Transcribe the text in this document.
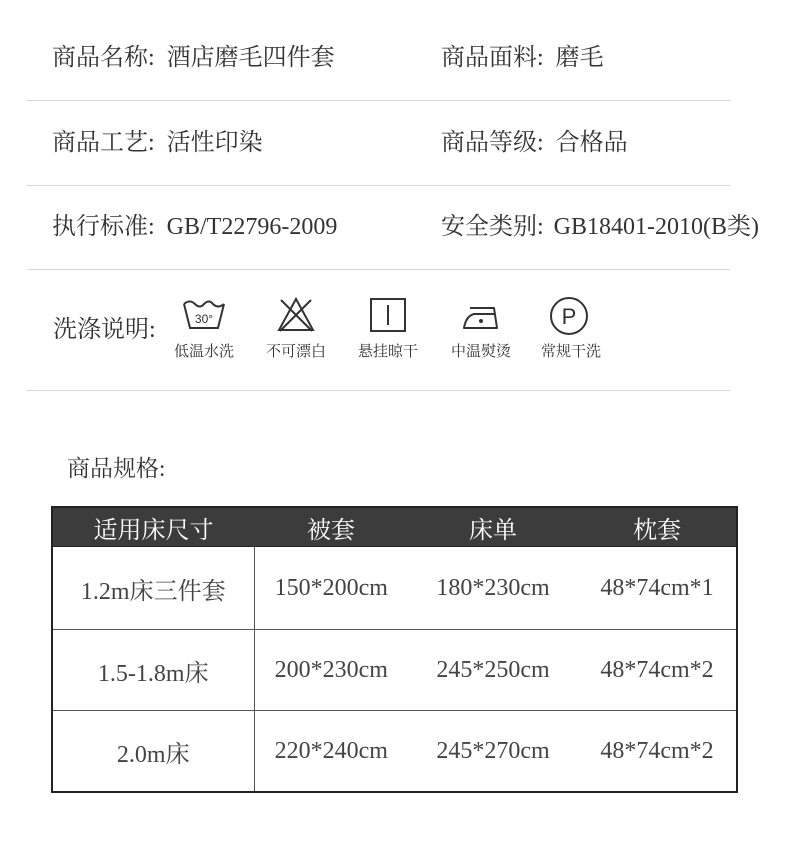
商品名称: 酒店磨毛四件套	商品面料: 磨毛
商品工艺: 活性印染	商品等级: 合格品
执行标准: GB/T22796-2009	安全类别: GB18401-2010(B类)
洗涤说明:	30°
低温水洗	不可漂白	悬挂晾干	中温熨烫
P
常规干洗
商品规格:
适用床尺寸	被套	床单	枕套
1.2m床三件套	150*200cm	180*230cm	48*74cm*1
1.5-1.8m床	200*230cm	245*250cm	48*74cm*2
2.0m床	220*240cm	245*270cm	48*74cm*2
